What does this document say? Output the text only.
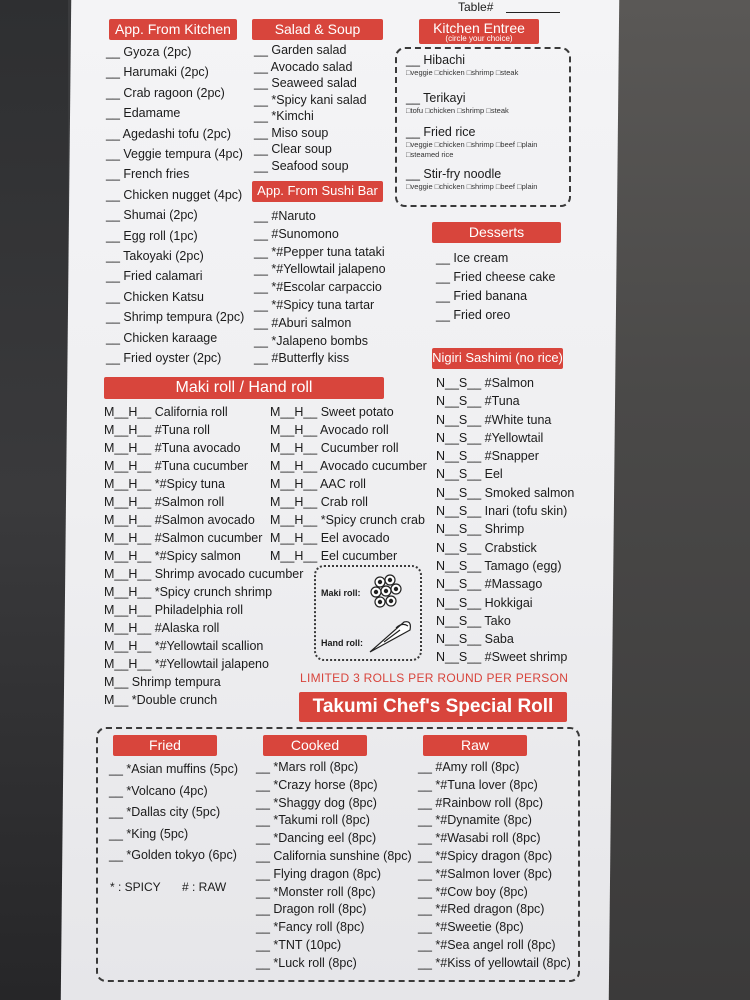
Table#
App. From Kitchen
__ Gyoza (2pc)
__ Harumaki (2pc)
__ Crab ragoon (2pc)
__ Edamame
__ Agedashi tofu (2pc)
__ Veggie tempura (4pc)
__ French fries
__ Chicken nugget (4pc)
__ Shumai (2pc)
__ Egg roll (1pc)
__ Takoyaki (2pc)
__ Fried calamari
__ Chicken Katsu
__ Shrimp tempura (2pc)
__ Chicken karaage
__ Fried oyster (2pc)
Salad & Soup
__ Garden salad
__ Avocado salad
__ Seaweed salad
__ *Spicy kani salad
__ *Kimchi
__ Miso soup
__ Clear soup
__ Seafood soup
Kitchen Entree
(circle your choice)
__ Hibachi
□veggie □chicken □shrimp □steak
__ Terikayi
□tofu □chicken □shrimp □steak
__ Fried rice
□veggie □chicken □shrimp □beef □plain □steamed rice
__ Stir-fry noodle
□veggie □chicken □shrimp □beef □plain
App. From Sushi Bar
__ #Naruto
__ #Sunomono
__ *#Pepper tuna tataki
__ *#Yellowtail jalapeno
__ *#Escolar carpaccio
__ *#Spicy tuna tartar
__ #Aburi salmon
__ *Jalapeno bombs
__ #Butterfly kiss
Desserts
__ Ice cream
__ Fried cheese cake
__ Fried banana
__ Fried oreo
Maki roll / Hand roll
M__H__ California roll
M__H__ #Tuna roll
M__H__ #Tuna avocado
M__H__ #Tuna cucumber
M__H__ *#Spicy tuna
M__H__ #Salmon roll
M__H__ #Salmon avocado
M__H__ #Salmon cucumber
M__H__ *#Spicy salmon
M__H__ Shrimp avocado cucumber
M__H__ *Spicy crunch shrimp
M__H__ Philadelphia roll
M__H__ #Alaska roll
M__H__ *#Yellowtail scallion
M__H__ *#Yellowtail jalapeno
M__ Shrimp tempura
M__ *Double crunch
M__H__ Sweet potato
M__H__ Avocado roll
M__H__ Cucumber roll
M__H__ Avocado cucumber
M__H__ AAC roll
M__H__ Crab roll
M__H__ *Spicy crunch crab
M__H__ Eel avocado
M__H__ Eel cucumber
Maki roll:
Hand roll:
Nigiri Sashimi (no rice)
N__S__ #Salmon
N__S__ #Tuna
N__S__ #White tuna
N__S__ #Yellowtail
N__S__ #Snapper
N__S__ Eel
N__S__ Smoked salmon
N__S__ Inari (tofu skin)
N__S__ Shrimp
N__S__ Crabstick
N__S__ Tamago (egg)
N__S__ #Massago
N__S__ Hokkigai
N__S__ Tako
N__S__ Saba
N__S__ #Sweet shrimp
LIMITED 3 ROLLS PER ROUND PER PERSON
Takumi Chef's Special Roll
Fried	Cooked	Raw
__ *Asian muffins (5pc)
__ *Volcano (4pc)
__ *Dallas city (5pc)
__ *King (5pc)
__ *Golden tokyo (6pc)
__ *Mars roll (8pc)
__ *Crazy horse (8pc)
__ *Shaggy dog (8pc)
__ *Takumi roll (8pc)
__ *Dancing eel (8pc)
__ California sunshine (8pc)
__ Flying dragon (8pc)
__ *Monster roll (8pc)
__ Dragon roll (8pc)
__ *Fancy roll (8pc)
__ *TNT (10pc)
__ *Luck roll (8pc)
__ #Amy roll (8pc)
__ *#Tuna lover (8pc)
__ #Rainbow roll (8pc)
__ *#Dynamite (8pc)
__ *#Wasabi roll (8pc)
__ *#Spicy dragon (8pc)
__ *#Salmon lover (8pc)
__ *#Cow boy (8pc)
__ *#Red dragon (8pc)
__ *#Sweetie (8pc)
__ *#Sea angel roll (8pc)
__ *#Kiss of yellowtail (8pc)
* : SPICY # : RAW
